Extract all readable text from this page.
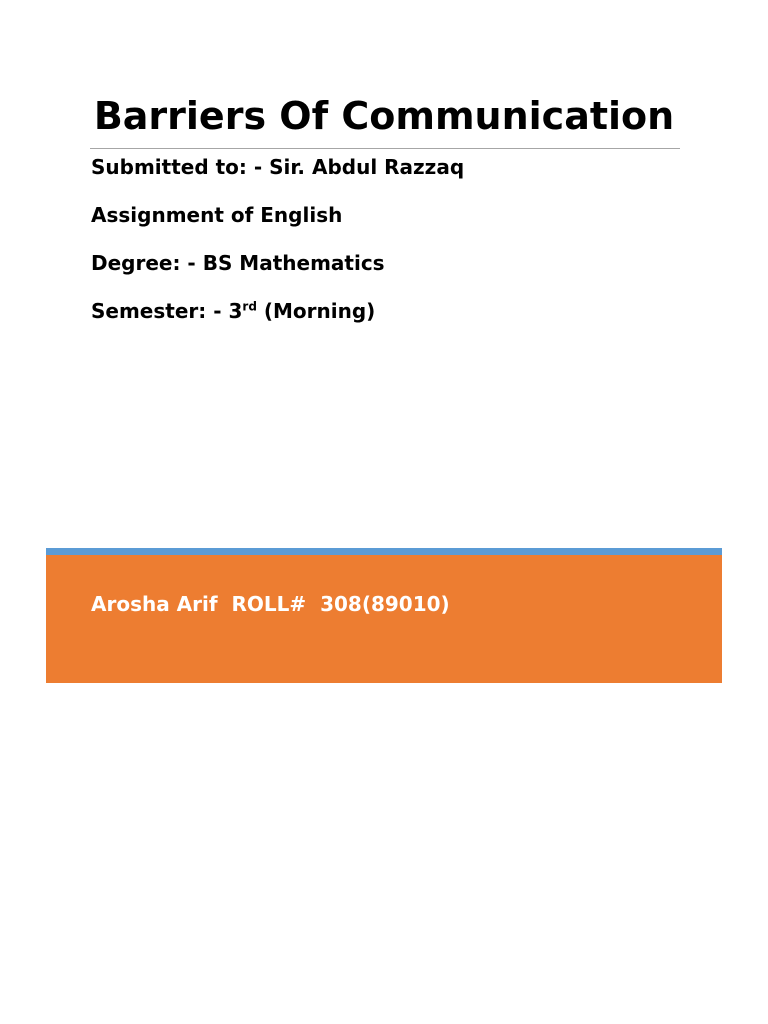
Barriers Of Communication
Submitted to: - Sir. Abdul Razzaq
Assignment of English
Degree: - BS Mathematics
Semester: - 3rd (Morning)
Arosha Arif  ROLL#  308(89010)
